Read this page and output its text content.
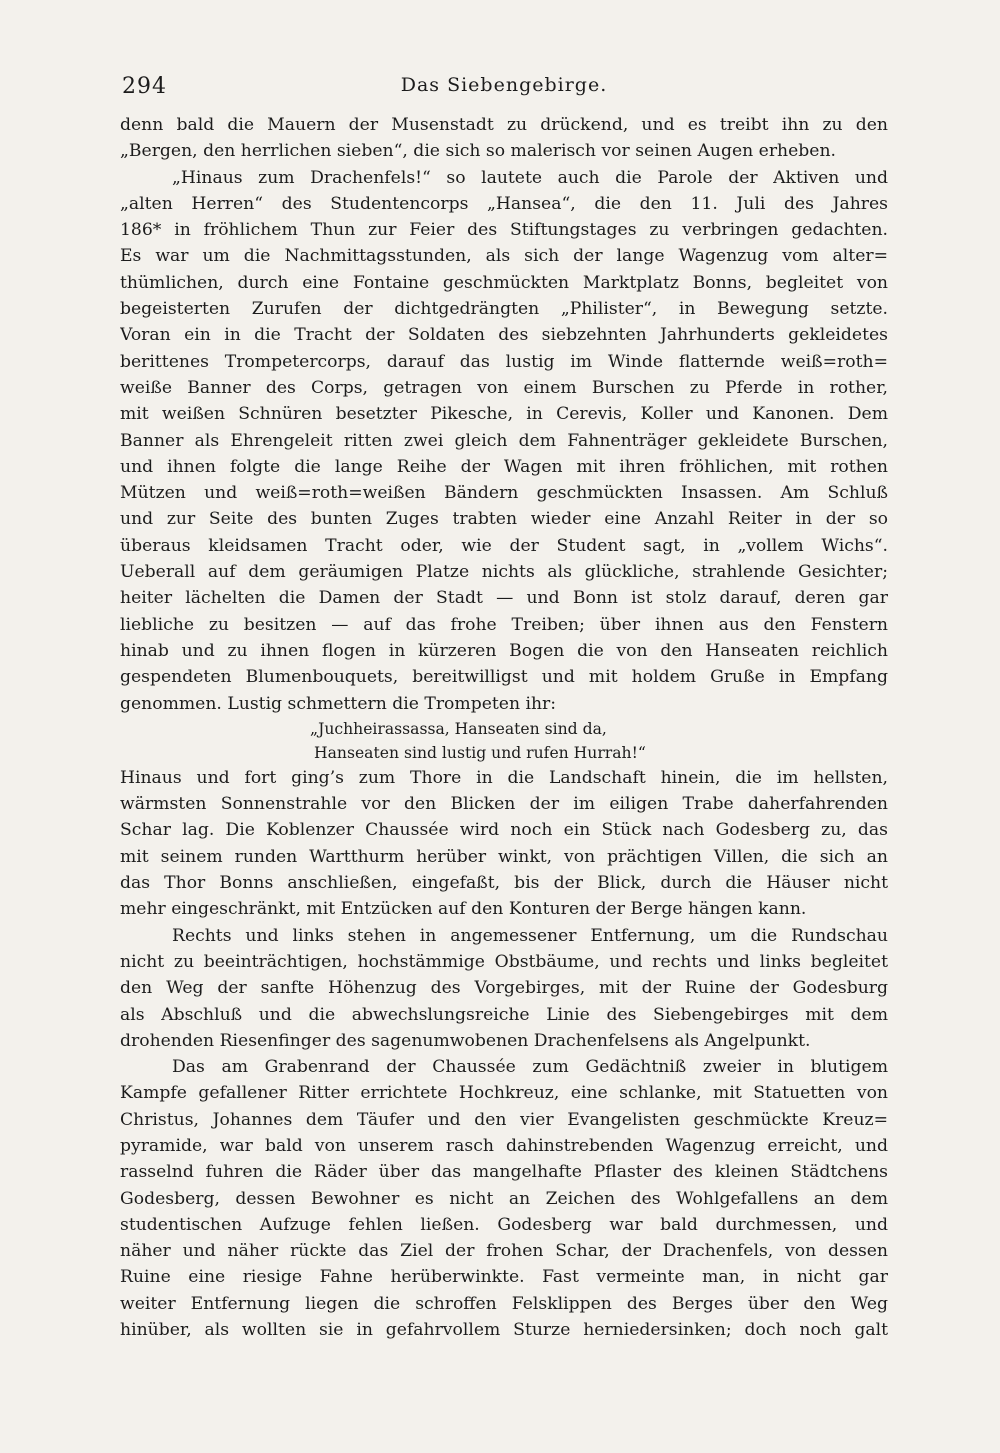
294	Das Siebengebirge.
denn bald die Mauern der Musenstadt zu drückend, und es treibt ihn zu den
„Bergen, den herrlichen sieben“, die sich so malerisch vor seinen Augen erheben.
„Hinaus zum Drachenfels!“ so lautete auch die Parole der Aktiven und
„alten Herren“ des Studentencorps „Hansea“, die den 11. Juli des Jahres
186* in fröhlichem Thun zur Feier des Stiftungstages zu verbringen gedachten.
Es war um die Nachmittagsstunden, als sich der lange Wagenzug vom alter=
thümlichen, durch eine Fontaine geschmückten Marktplatz Bonns, begleitet von
begeisterten Zurufen der dichtgedrängten „Philister“, in Bewegung setzte.
Voran ein in die Tracht der Soldaten des siebzehnten Jahrhunderts gekleidetes
berittenes Trompetercorps, darauf das lustig im Winde flatternde weiß=roth=
weiße Banner des Corps, getragen von einem Burschen zu Pferde in rother,
mit weißen Schnüren besetzter Pikesche, in Cerevis, Koller und Kanonen. Dem
Banner als Ehrengeleit ritten zwei gleich dem Fahnenträger gekleidete Burschen,
und ihnen folgte die lange Reihe der Wagen mit ihren fröhlichen, mit rothen
Mützen und weiß=roth=weißen Bändern geschmückten Insassen. Am Schluß
und zur Seite des bunten Zuges trabten wieder eine Anzahl Reiter in der so
überaus kleidsamen Tracht oder, wie der Student sagt, in „vollem Wichs“.
Ueberall auf dem geräumigen Platze nichts als glückliche, strahlende Gesichter;
heiter lächelten die Damen der Stadt — und Bonn ist stolz darauf, deren gar
liebliche zu besitzen — auf das frohe Treiben; über ihnen aus den Fenstern
hinab und zu ihnen flogen in kürzeren Bogen die von den Hanseaten reichlich
gespendeten Blumenbouquets, bereitwilligst und mit holdem Gruße in Empfang
genommen. Lustig schmettern die Trompeten ihr:
„Juchheirassassa, Hanseaten sind da,
Hanseaten sind lustig und rufen Hurrah!“
Hinaus und fort ging’s zum Thore in die Landschaft hinein, die im hellsten,
wärmsten Sonnenstrahle vor den Blicken der im eiligen Trabe daherfahrenden
Schar lag. Die Koblenzer Chaussée wird noch ein Stück nach Godesberg zu, das
mit seinem runden Wartthurm herüber winkt, von prächtigen Villen, die sich an
das Thor Bonns anschließen, eingefaßt, bis der Blick, durch die Häuser nicht
mehr eingeschränkt, mit Entzücken auf den Konturen der Berge hängen kann.
Rechts und links stehen in angemessener Entfernung, um die Rundschau
nicht zu beeinträchtigen, hochstämmige Obstbäume, und rechts und links begleitet
den Weg der sanfte Höhenzug des Vorgebirges, mit der Ruine der Godesburg
als Abschluß und die abwechslungsreiche Linie des Siebengebirges mit dem
drohenden Riesenfinger des sagenumwobenen Drachenfelsens als Angelpunkt.
Das am Grabenrand der Chaussée zum Gedächtniß zweier in blutigem
Kampfe gefallener Ritter errichtete Hochkreuz, eine schlanke, mit Statuetten von
Christus, Johannes dem Täufer und den vier Evangelisten geschmückte Kreuz=
pyramide, war bald von unserem rasch dahinstrebenden Wagenzug erreicht, und
rasselnd fuhren die Räder über das mangelhafte Pflaster des kleinen Städtchens
Godesberg, dessen Bewohner es nicht an Zeichen des Wohlgefallens an dem
studentischen Aufzuge fehlen ließen. Godesberg war bald durchmessen, und
näher und näher rückte das Ziel der frohen Schar, der Drachenfels, von dessen
Ruine eine riesige Fahne herüberwinkte. Fast vermeinte man, in nicht gar
weiter Entfernung liegen die schroffen Felsklippen des Berges über den Weg
hinüber, als wollten sie in gefahrvollem Sturze herniedersinken; doch noch galt
